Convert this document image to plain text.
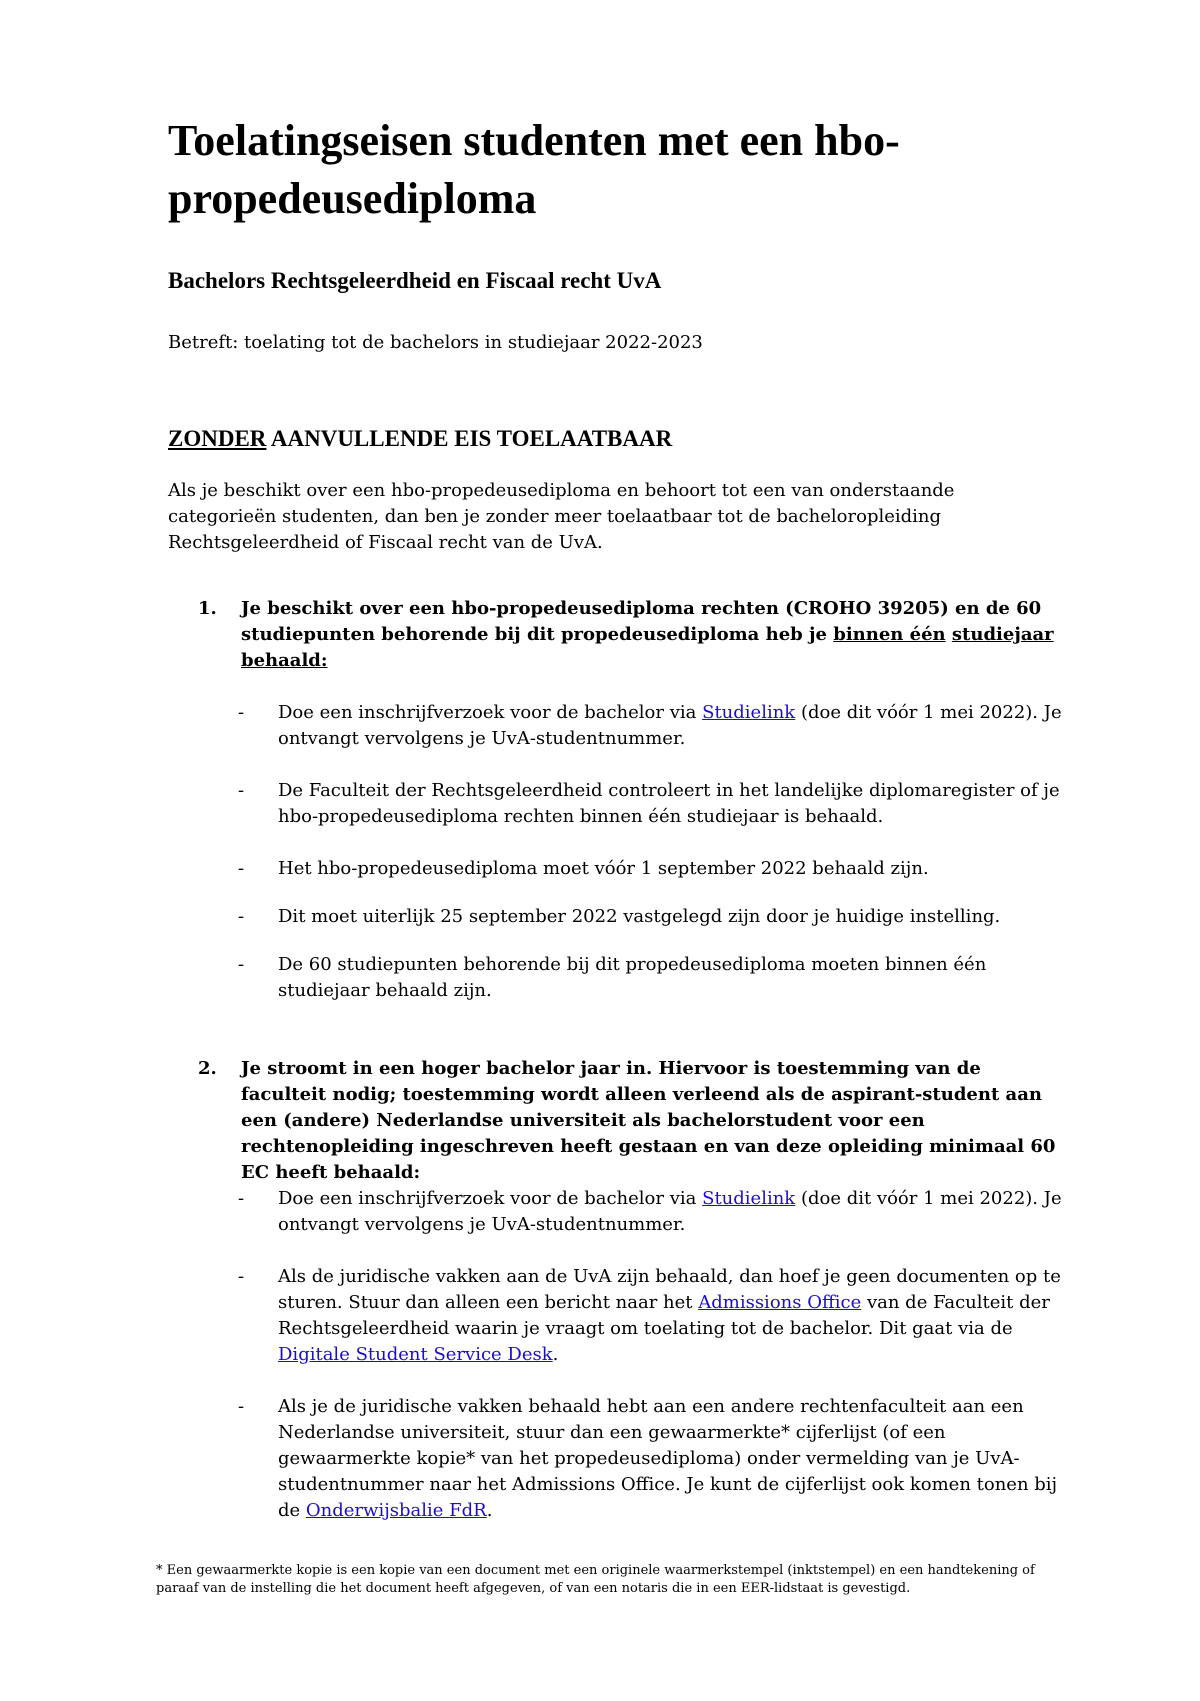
Toelatingseisen studenten met een hbo-propedeusediploma
Bachelors Rechtsgeleerdheid en Fiscaal recht UvA

Betreft: toelating tot de bachelors in studiejaar 2022-2023

ZONDER AANVULLENDE EIS TOELAATBAAR

Als je beschikt over een hbo-propedeusediploma en behoort tot een van onderstaande categorieën studenten, dan ben je zonder meer toelaatbaar tot de bacheloropleiding Rechtsgeleerdheid of Fiscaal recht van de UvA.

1.	Je beschikt over een hbo-propedeusediploma rechten (CROHO 39205) en de 60 studiepunten behorende bij dit propedeusediploma heb je binnen één studiejaar behaald:
- Doe een inschrijfverzoek voor de bachelor via Studielink (doe dit vóór 1 mei 2022). Je ontvangt vervolgens je UvA-studentnummer.
- De Faculteit der Rechtsgeleerdheid controleert in het landelijke diplomaregister of je hbo-propedeusediploma rechten binnen één studiejaar is behaald.
- Het hbo-propedeusediploma moet vóór 1 september 2022 behaald zijn.
- Dit moet uiterlijk 25 september 2022 vastgelegd zijn door je huidige instelling.
- De 60 studiepunten behorende bij dit propedeusediploma moeten binnen één studiejaar behaald zijn.
2.	Je stroomt in een hoger bachelor jaar in. Hiervoor is toestemming van de faculteit nodig; toestemming wordt alleen verleend als de aspirant-student aan een (andere) Nederlandse universiteit als bachelorstudent voor een rechtenopleiding ingeschreven heeft gestaan en van deze opleiding minimaal 60 EC heeft behaald:
- Doe een inschrijfverzoek voor de bachelor via Studielink (doe dit vóór 1 mei 2022). Je ontvangt vervolgens je UvA-studentnummer.
- Als de juridische vakken aan de UvA zijn behaald, dan hoef je geen documenten op te sturen. Stuur dan alleen een bericht naar het Admissions Office van de Faculteit der Rechtsgeleerdheid waarin je vraagt om toelating tot de bachelor. Dit gaat via de Digitale Student Service Desk.
- Als je de juridische vakken behaald hebt aan een andere rechtenfaculteit aan een Nederlandse universiteit, stuur dan een gewaarmerkte* cijferlijst (of een gewaarmerkte kopie* van het propedeusediploma) onder vermelding van je UvA-studentnummer naar het Admissions Office. Je kunt de cijferlijst ook komen tonen bij de Onderwijsbalie FdR.

* Een gewaarmerkte kopie is een kopie van een document met een originele waarmerkstempel (inktstempel) en een handtekening of paraaf van de instelling die het document heeft afgegeven, of van een notaris die in een EER-lidstaat is gevestigd.
